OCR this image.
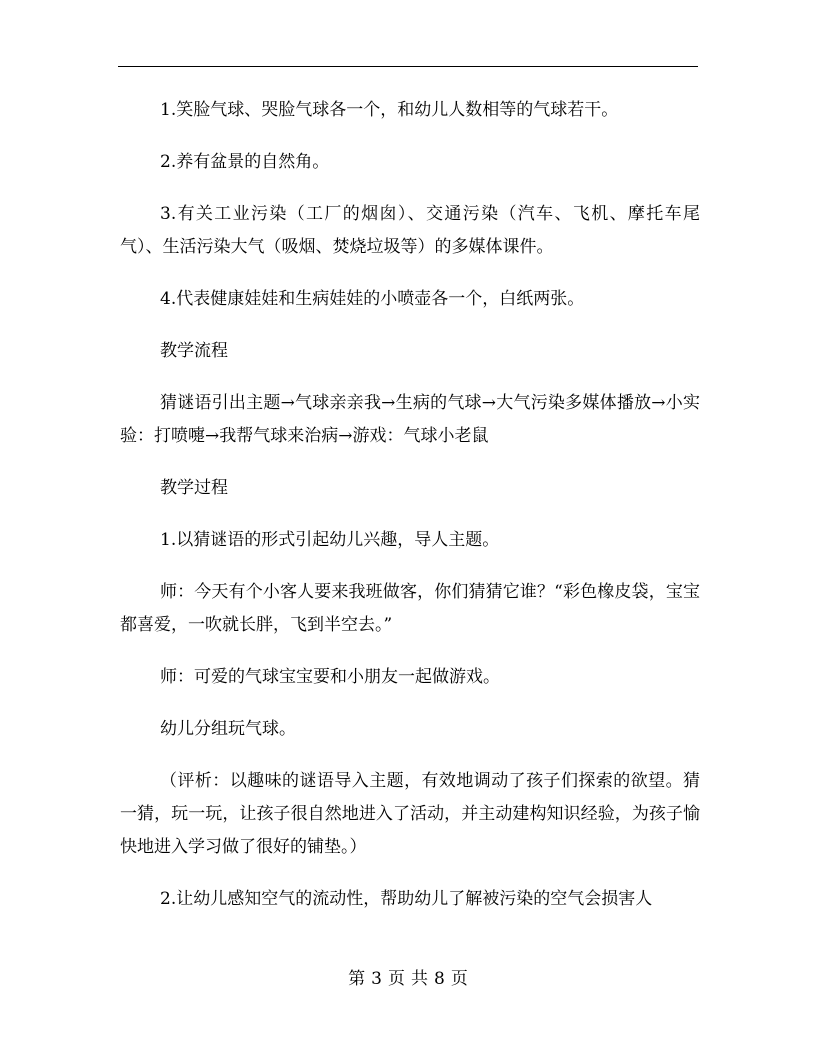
1.笑脸气球、哭脸气球各一个，和幼儿人数相等的气球若干。

2.养有盆景的自然角。

3.有关工业污染（工厂的烟囱）、交通污染（汽车、飞机、摩托车尾气）、生活污染大气（吸烟、焚烧垃圾等）的多媒体课件。

4.代表健康娃娃和生病娃娃的小喷壶各一个，白纸两张。

教学流程

猜谜语引出主题→气球亲亲我→生病的气球→大气污染多媒体播放→小实验：打喷嚏→我帮气球来治病→游戏：气球小老鼠

教学过程

1.以猜谜语的形式引起幼儿兴趣，导人主题。

师：今天有个小客人要来我班做客，你们猜猜它谁？“彩色橡皮袋，宝宝都喜爱，一吹就长胖，飞到半空去。”

师：可爱的气球宝宝要和小朋友一起做游戏。

幼儿分组玩气球。

（评析：以趣味的谜语导入主题，有效地调动了孩子们探索的欲望。猜一猜，玩一玩，让孩子很自然地进入了活动，并主动建构知识经验，为孩子愉快地进入学习做了很好的铺垫。）

2.让幼儿感知空气的流动性，帮助幼儿了解被污染的空气会损害人

第 3 页 共 8 页
